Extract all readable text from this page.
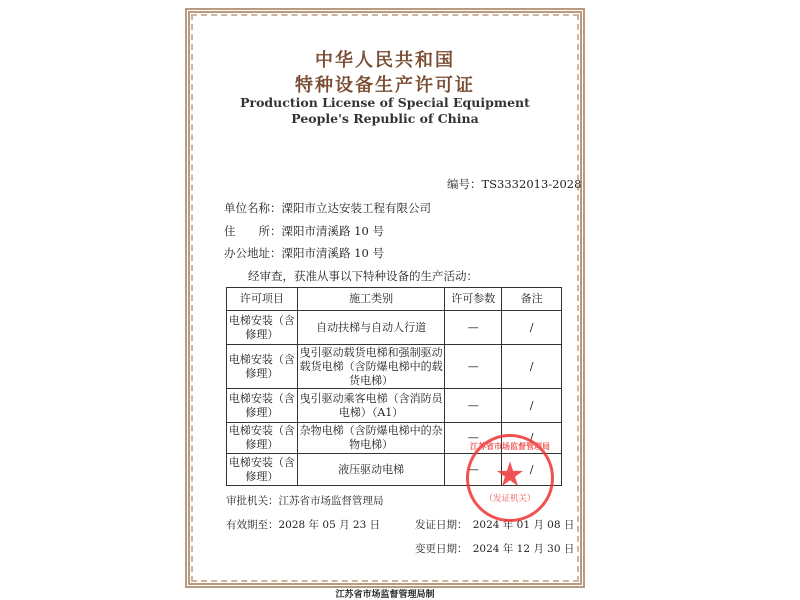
中华人民共和国
特种设备生产许可证
Production License of Special Equipment
People's Republic of China
编号：TS3332013-2028
单位名称：溧阳市立达安装工程有限公司
住　　所：溧阳市清溪路 10 号
办公地址：溧阳市清溪路 10 号
经审查，获准从事以下特种设备的生产活动：
许可项目	施工类别	许可参数	备注
电梯安装（含修理）	自动扶梯与自动人行道	—	/
电梯安装（含修理）	曳引驱动载货电梯和强制驱动载货电梯（含防爆电梯中的载货电梯）	—	/
电梯安装（含修理）	曳引驱动乘客电梯（含消防员电梯）（A1）	—	/
电梯安装（含修理）	杂物电梯（含防爆电梯中的杂物电梯）	—	/
电梯安装（含修理）	液压驱动电梯	—	/
审批机关：江苏省市场监督管理局
有效期至：2028 年 05 月 23 日	发证日期：　2024 年 01 月 08 日
变更日期：　2024 年 12 月 30 日
江苏省市场监督管理局
★
（发证机关）
江苏省市场监督管理局制
